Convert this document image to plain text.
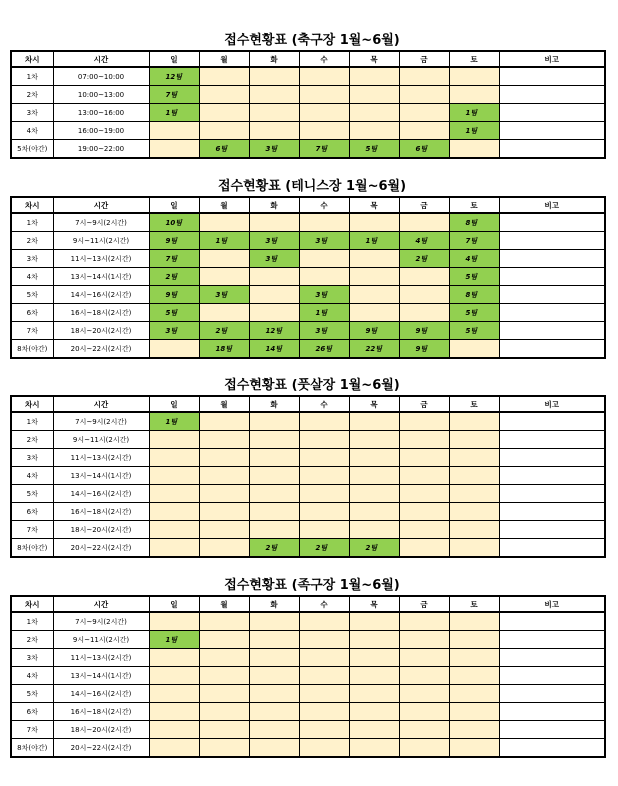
접수현황표 (축구장 1월~6월)
차시	시간	일	월	화	수	목	금	토	비고
1차	07:00~10:00	12팀							
2차	10:00~13:00	7팀							
3차	13:00~16:00	1팀						1팀	
4차	16:00~19:00							1팀	
5차(야간)	19:00~22:00		6팀	3팀	7팀	5팀	6팀		
접수현황표 (테니스장 1월~6월)
차시	시간	일	월	화	수	목	금	토	비고
1차	7시~9시(2시간)	10팀						8팀	
2차	9시~11시(2시간)	9팀	1팀	3팀	3팀	1팀	4팀	7팀	
3차	11시~13시(2시간)	7팀		3팀			2팀	4팀	
4차	13시~14시(1시간)	2팀						5팀	
5차	14시~16시(2시간)	9팀	3팀		3팀			8팀	
6차	16시~18시(2시간)	5팀			1팀			5팀	
7차	18시~20시(2시간)	3팀	2팀	12팀	3팀	9팀	9팀	5팀	
8차(야간)	20시~22시(2시간)		18팀	14팀	26팀	22팀	9팀		
접수현황표 (풋살장 1월~6월)
차시	시간	일	월	화	수	목	금	토	비고
1차	7시~9시(2시간)	1팀							
2차	9시~11시(2시간)								
3차	11시~13시(2시간)								
4차	13시~14시(1시간)								
5차	14시~16시(2시간)								
6차	16시~18시(2시간)								
7차	18시~20시(2시간)								
8차(야간)	20시~22시(2시간)			2팀	2팀	2팀			
접수현황표 (족구장 1월~6월)
차시	시간	일	월	화	수	목	금	토	비고
1차	7시~9시(2시간)								
2차	9시~11시(2시간)	1팀							
3차	11시~13시(2시간)								
4차	13시~14시(1시간)								
5차	14시~16시(2시간)								
6차	16시~18시(2시간)								
7차	18시~20시(2시간)								
8차(야간)	20시~22시(2시간)								
